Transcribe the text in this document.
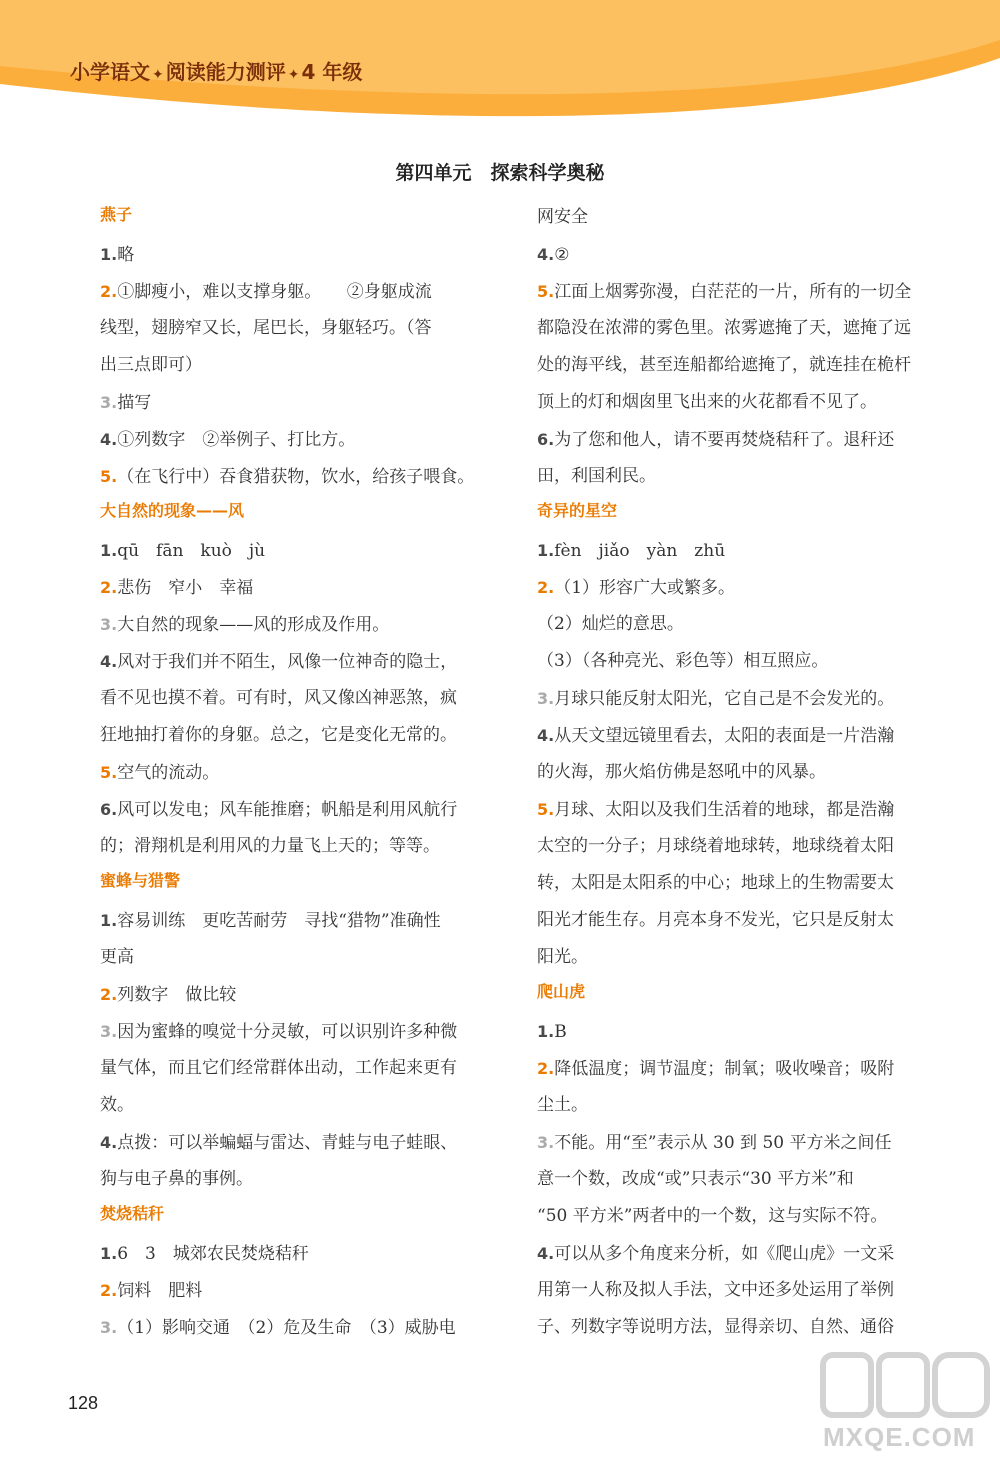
小学语文 ✦ 阅读能力测评 ✦ 4 年级
第四单元　探索科学奥秘
燕子
1.略
2.①脚瘦小，难以支撑身躯。　　②身躯成流
线型，翅膀窄又长，尾巴长，身躯轻巧。（答
出三点即可）
3.描写
4.①列数字　②举例子、打比方。
5.（在飞行中）吞食猎获物，饮水，给孩子喂食。
大自然的现象——风
1.qū　fān　kuò　jù
2.悲伤　窄小　幸福
3.大自然的现象——风的形成及作用。
4.风对于我们并不陌生，风像一位神奇的隐士，
看不见也摸不着。可有时，风又像凶神恶煞，疯
狂地抽打着你的身躯。总之，它是变化无常的。
5.空气的流动。
6.风可以发电；风车能推磨；帆船是利用风航行
的；滑翔机是利用风的力量飞上天的；等等。
蜜蜂与猎警
1.容易训练　更吃苦耐劳　寻找“猎物”准确性
更高
2.列数字　做比较
3.因为蜜蜂的嗅觉十分灵敏，可以识别许多种微
量气体，而且它们经常群体出动，工作起来更有
效。
4.点拨：可以举蝙蝠与雷达、青蛙与电子蛙眼、
狗与电子鼻的事例。
焚烧秸秆
1.6　3　城郊农民焚烧秸秆
2.饲料　肥料
3.（1）影响交通　（2）危及生命　（3）威胁电
网安全
4.②
5.江面上烟雾弥漫，白茫茫的一片，所有的一切全
都隐没在浓滞的雾色里。浓雾遮掩了天，遮掩了远
处的海平线，甚至连船都给遮掩了，就连挂在桅杆
顶上的灯和烟囱里飞出来的火花都看不见了。
6.为了您和他人，请不要再焚烧秸秆了。退秆还
田，利国利民。
奇异的星空
1.fèn　jiǎo　yàn　zhū
2.（1）形容广大或繁多。
（2）灿烂的意思。
（3）（各种亮光、彩色等）相互照应。
3.月球只能反射太阳光，它自己是不会发光的。
4.从天文望远镜里看去，太阳的表面是一片浩瀚
的火海，那火焰仿佛是怒吼中的风暴。
5.月球、太阳以及我们生活着的地球，都是浩瀚
太空的一分子；月球绕着地球转，地球绕着太阳
转，太阳是太阳系的中心；地球上的生物需要太
阳光才能生存。月亮本身不发光，它只是反射太
阳光。
爬山虎
1.B
2.降低温度；调节温度；制氧；吸收噪音；吸附
尘土。
3.不能。用“至”表示从 30 到 50 平方米之间任
意一个数，改成“或”只表示“30 平方米”和
“50 平方米”两者中的一个数，这与实际不符。
4.可以从多个角度来分析，如《爬山虎》一文采
用第一人称及拟人手法，文中还多处运用了举例
子、列数字等说明方法，显得亲切、自然、通俗
128
MXQE.COM
